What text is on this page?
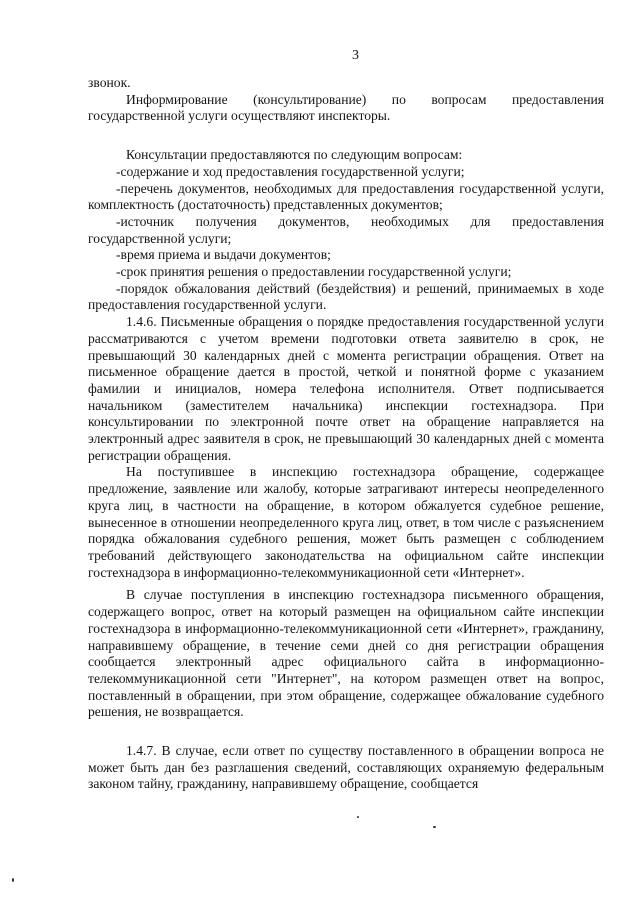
3

звонок.

Информирование (консультирование) по вопросам предоставления государственной услуги осуществляют инспекторы.

Консультации предоставляются по следующим вопросам:

-содержание и ход предоставления государственной услуги;

-перечень документов, необходимых для предоставления государственной услуги, комплектность (достаточность) представленных документов;

-источник получения документов, необходимых для предоставления государственной услуги;

-время приема и выдачи документов;

-срок принятия решения о предоставлении государственной услуги;

-порядок обжалования действий (бездействия) и решений, принимаемых в ходе предоставления государственной услуги.

1.4.6. Письменные обращения о порядке предоставления государственной услуги рассматриваются с учетом времени подготовки ответа заявителю в срок, не превышающий 30 календарных дней с момента регистрации обращения. Ответ на письменное обращение дается в простой, четкой и понятной форме с указанием фамилии и инициалов, номера телефона исполнителя. Ответ подписывается начальником (заместителем начальника) инспекции гостехнадзора. При консультировании по электронной почте ответ на обращение направляется на электронный адрес заявителя в срок, не превышающий 30 календарных дней с момента регистрации обращения.

На поступившее в инспекцию гостехнадзора обращение, содержащее предложение, заявление или жалобу, которые затрагивают интересы неопределенного круга лиц, в частности на обращение, в котором обжалуется судебное решение, вынесенное в отношении неопределенного круга лиц, ответ, в том числе с разъяснением порядка обжалования судебного решения, может быть размещен с соблюдением требований действующего законодательства на официальном сайте инспекции гостехнадзора в информационно-телекоммуникационной сети «Интернет».

В случае поступления в инспекцию гостехнадзора письменного обращения, содержащего вопрос, ответ на который размещен на официальном сайте инспекции гостехнадзора в информационно-телекоммуникационной сети «Интернет», гражданину, направившему обращение, в течение семи дней со дня регистрации обращения сообщается электронный адрес официального сайта в информационно-телекоммуникационной сети "Интернет", на котором размещен ответ на вопрос, поставленный в обращении, при этом обращение, содержащее обжалование судебного решения, не возвращается.

1.4.7. В случае, если ответ по существу поставленного в обращении вопроса не может быть дан без разглашения сведений, составляющих охраняемую федеральным законом тайну, гражданину, направившему обращение, сообщается
